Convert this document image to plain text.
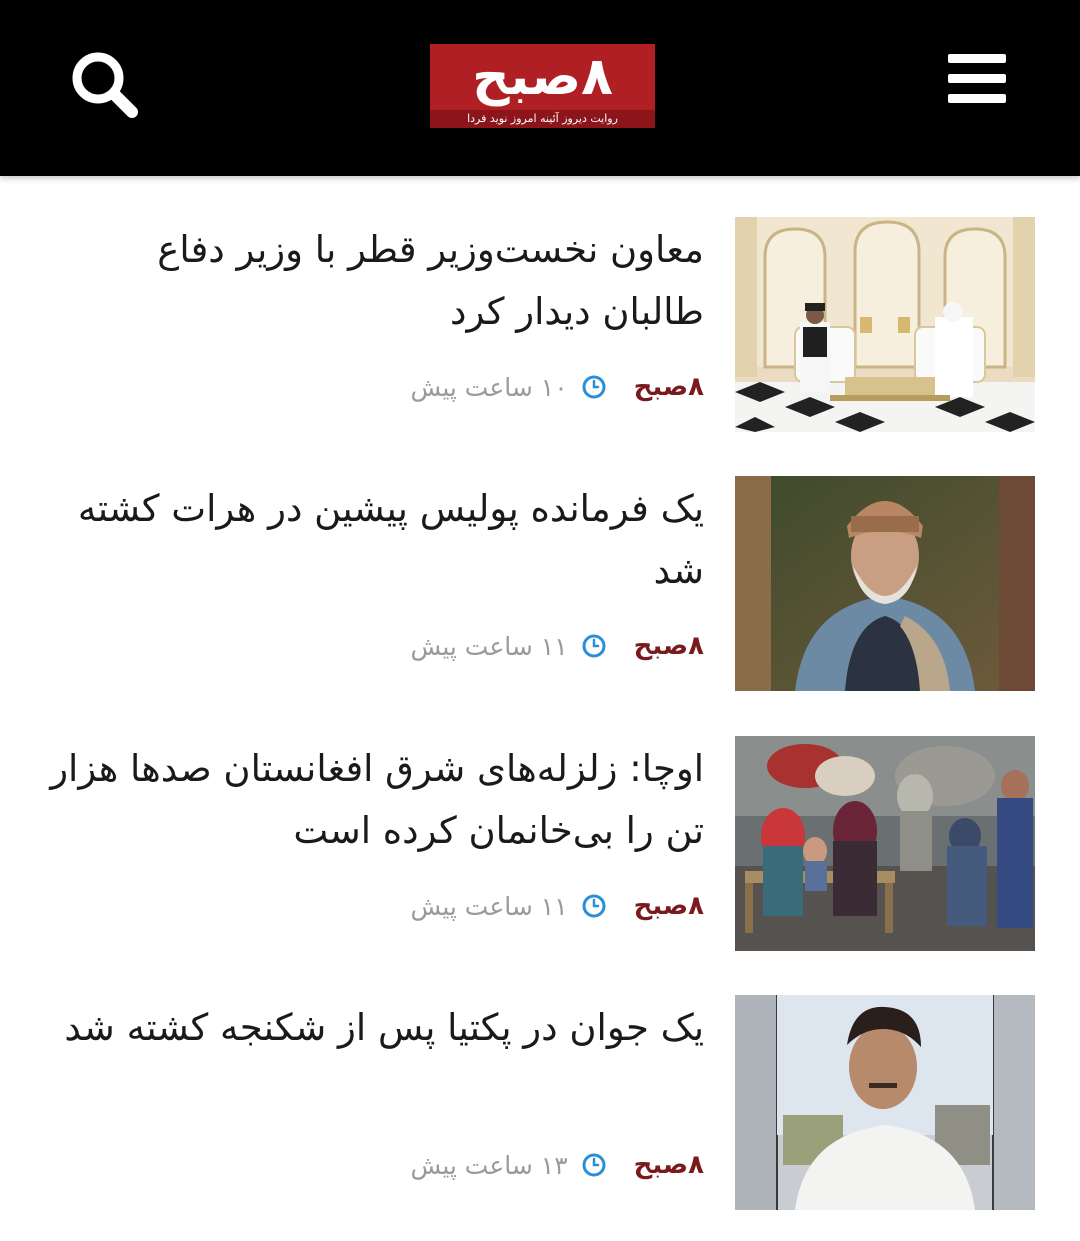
۸صبح
روایت دیروز آئینه امروز نوید فردا

معاون نخست‌وزیر قطر با وزیر دفاع طالبان دیدار کرد

۸صبح
۱۰ ساعت پیش

یک فرمانده پولیس پیشین در هرات کشته شد

۸صبح
۱۱ ساعت پیش

اوچا: زلزله‌های شرق افغانستان صدها هزار تن را بی‌خانمان کرده است

۸صبح
۱۱ ساعت پیش

یک جوان در پکتیا پس از شکنجه کشته شد

۸صبح
۱۳ ساعت پیش
